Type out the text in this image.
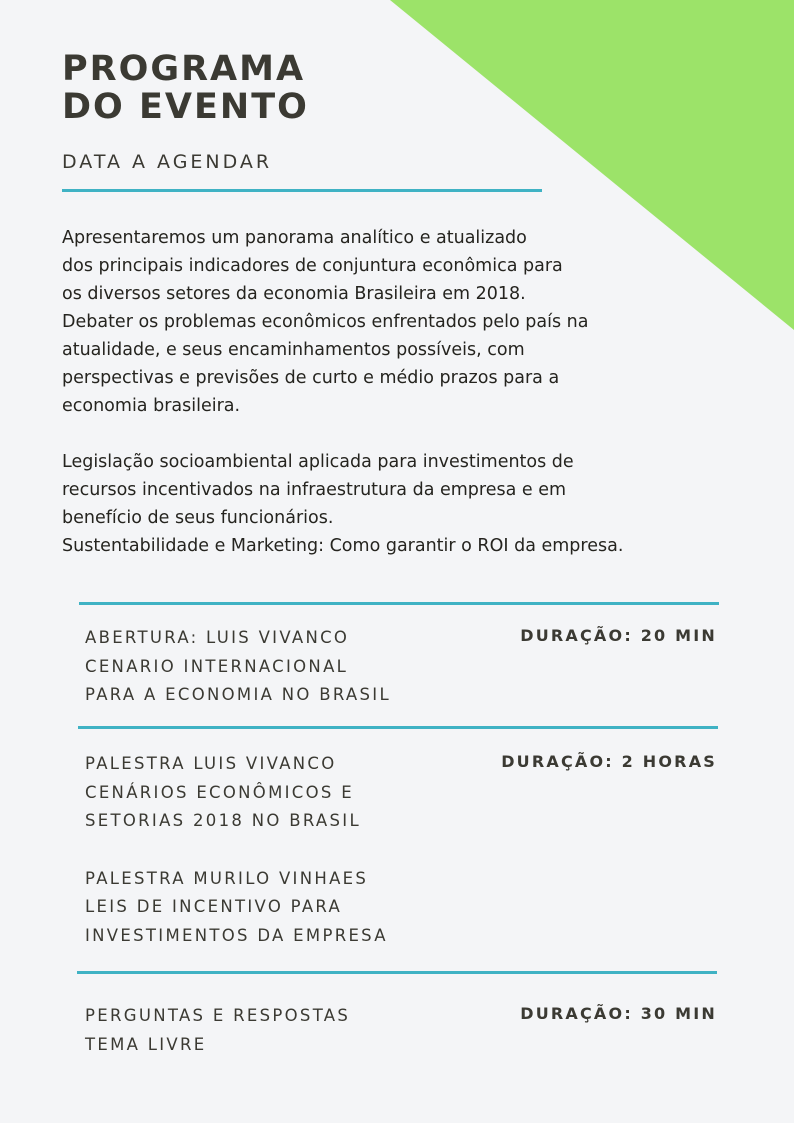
PROGRAMA
DO EVENTO
DATA A AGENDAR

Apresentaremos um panorama analítico e atualizado

dos principais indicadores de conjuntura econômica para

os diversos setores da economia Brasileira em 2018.

Debater os problemas econômicos enfrentados pelo país na

atualidade, e seus encaminhamentos possíveis, com

perspectivas e previsões de curto e médio prazos para a

economia brasileira.

Legislação socioambiental aplicada para investimentos de

recursos incentivados na infraestrutura da empresa e em

benefício de seus funcionários.

Sustentabilidade e Marketing: Como garantir o ROI da empresa.

ABERTURA: LUIS VIVANCO
CENARIO INTERNACIONAL
PARA A ECONOMIA NO BRASIL
DURAÇÃO: 20 MIN
PALESTRA LUIS VIVANCO
CENÁRIOS ECONÔMICOS E
SETORIAS 2018 NO BRASIL
PALESTRA MURILO VINHAES
LEIS DE INCENTIVO PARA
INVESTIMENTOS DA EMPRESA
DURAÇÃO: 2 HORAS
PERGUNTAS E RESPOSTAS
TEMA LIVRE
DURAÇÃO: 30 MIN
